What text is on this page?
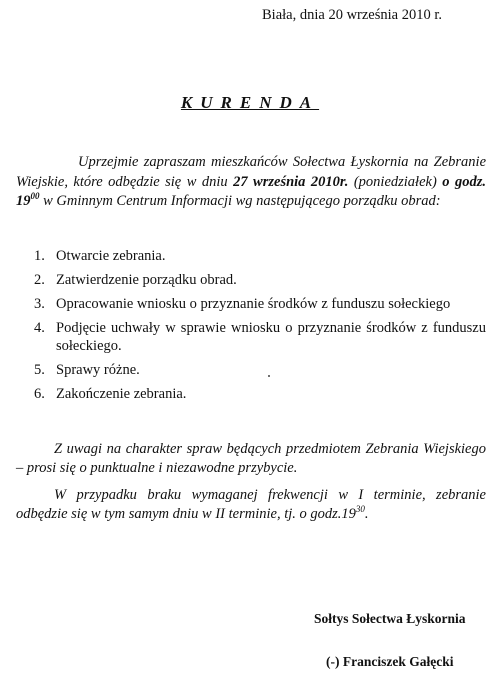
Biała, dnia 20 września 2010 r.
KURENDA
Uprzejmie zapraszam mieszkańców Sołectwa Łyskornia na Zebranie Wiejskie, które odbędzie się w dniu 27 września 2010r. (poniedziałek) o godz. $19^{00}$ w Gminnym Centrum Informacji wg następującego porządku obrad:
1. Otwarcie zebrania.
2. Zatwierdzenie porządku obrad.
3. Opracowanie wniosku o przyznanie środków z funduszu sołeckiego
4. Podjęcie uchwały w sprawie wniosku o przyznanie środków z funduszu sołeckiego.
5. Sprawy różne.
6. Zakończenie zebrania.
Z uwagi na charakter spraw będących przedmiotem Zebrania Wiejskiego – prosi się o punktualne i niezawodne przybycie.
W przypadku braku wymaganej frekwencji w I terminie, zebranie odbędzie się w tym samym dniu w II terminie, tj. o $godz.19^{30}$.
Sołtys Sołectwa Łyskornia
(-) Franciszek Gałęcki
